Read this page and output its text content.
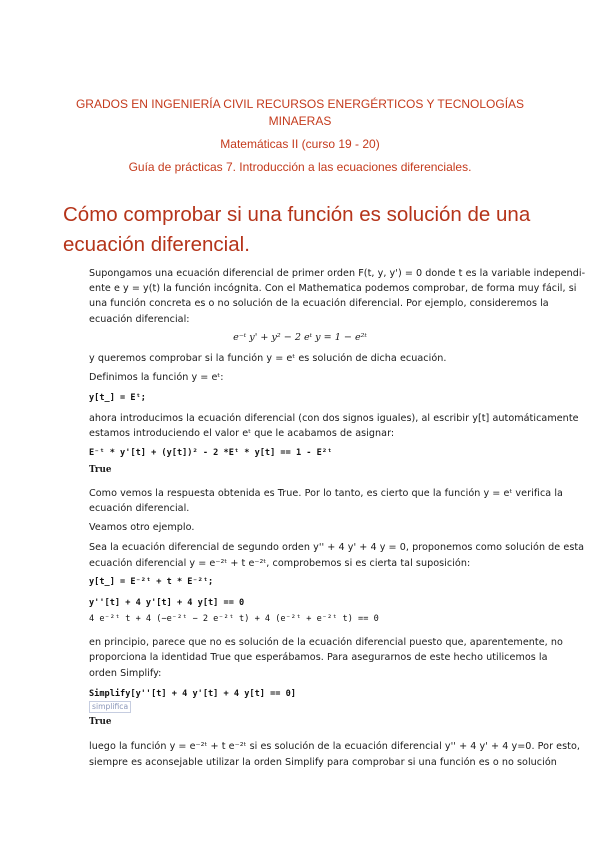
GRADOS EN INGENIERÍA CIVIL RECURSOS ENERGÉRTICOS Y TECNOLOGÍAS MINAERAS
Matemáticas II (curso 19 - 20)
Guía de prácticas 7. Introducción a las ecuaciones diferenciales.
Cómo comprobar si una función es solución de una ecuación diferencial.
Supongamos una ecuación diferencial de primer orden F(t, y, y') = 0 donde t es la variable independi-
ente e y = y(t) la función incógnita. Con el Mathematica podemos comprobar, de forma muy fácil, si
una función concreta es o no solución de la ecuación diferencial. Por ejemplo, consideremos la
ecuación diferencial:
e⁻ᵗ y' + y² − 2 eᵗ y = 1 − e²ᵗ
y queremos comprobar si la función y = eᵗ es solución de dicha ecuación.
Definimos la función y = eᵗ:
y[t_] = Eᵗ;
ahora introducimos la ecuación diferencial (con dos signos iguales), al escribir y[t] automáticamente
estamos introduciendo el valor eᵗ que le acabamos de asignar:
E⁻ᵗ * y'[t] + (y[t])² - 2 *Eᵗ * y[t] == 1 - E²ᵗ
True
Como vemos la respuesta obtenida es True. Por lo tanto, es cierto que la función y = eᵗ verifica la
ecuación diferencial.
Veamos otro ejemplo.
Sea la ecuación diferencial de segundo orden y'' + 4 y' + 4 y = 0, proponemos como solución de esta
ecuación diferencial y = e⁻²ᵗ + t e⁻²ᵗ, comprobemos si es cierta tal suposición:
y[t_] = E⁻²ᵗ + t * E⁻²ᵗ;
y''[t] + 4 y'[t] + 4 y[t] == 0
4 e⁻²ᵗ t + 4 (−e⁻²ᵗ − 2 e⁻²ᵗ t) + 4 (e⁻²ᵗ + e⁻²ᵗ t) == 0
en principio, parece que no es solución de la ecuación diferencial puesto que, aparentemente, no
proporciona la identidad True que esperábamos. Para asegurarnos de este hecho utilicemos la
orden Simplify:
Simplify[y''[t] + 4 y'[t] + 4 y[t] == 0]
simplifica
True
luego la función y = e⁻²ᵗ + t e⁻²ᵗ si es solución de la ecuación diferencial y'' + 4 y' + 4 y=0. Por esto,
siempre es aconsejable utilizar la orden Simplify para comprobar si una función es o no solución
